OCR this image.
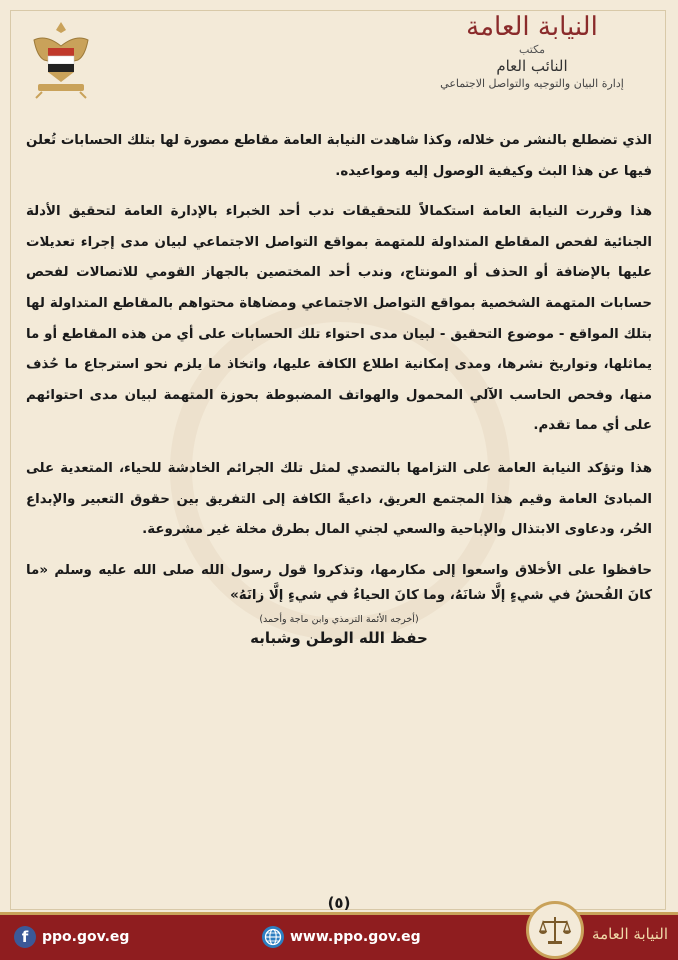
النيابة العامة

مكتب

النائب العام

إدارة البيان والتوجيه والتواصل الاجتماعي

الذي تضطلع بالنشر من خلاله، وكذا شاهدت النيابة العامة مقاطع مصورة لها بتلك الحسابات تُعلن فيها عن هذا البث وكيفية الوصول إليه ومواعيده.

هذا وقررت النيابة العامة استكمالاً للتحقيقات ندب أحد الخبراء بالإدارة العامة لتحقيق الأدلة الجنائية لفحص المقاطع المتداولة للمتهمة بمواقع التواصل الاجتماعي لبيان مدى إجراء تعديلات عليها بالإضافة أو الحذف أو المونتاج، وندب أحد المختصين بالجهاز القومي للاتصالات لفحص حسابات المتهمة الشخصية بمواقع التواصل الاجتماعي ومضاهاة محتواهم بالمقاطع المتداولة لها بتلك المواقع - موضوع التحقيق - لبيان مدى احتواء تلك الحسابات على أي من هذه المقاطع أو ما يماثلها، وتواريخ نشرها، ومدى إمكانية اطلاع الكافة عليها، واتخاذ ما يلزم نحو استرجاع ما حُذف منها، وفحص الحاسب الآلي المحمول والهواتف المضبوطة بحوزة المتهمة لبيان مدى احتوائهم على أي مما تقدم.

هذا وتؤكد النيابة العامة على التزامها بالتصدي لمثل تلك الجرائم الخادشة للحياء، المتعدية على المبادئ العامة وقيم هذا المجتمع العريق، داعيةً الكافة إلى التفريق بين حقوق التعبير والإبداع الحُر، ودعاوى الابتذال والإباحية والسعي لجني المال بطرق مخلة غير مشروعة.

حافظوا على الأخلاق واسعوا إلى مكارمها، وتذكروا قول رسول الله صلى الله عليه وسلم «ما كانَ الفُحشُ في شيءٍ إلَّا شانَهُ، وما كانَ الحياءُ في شيءٍ إلَّا زانَهُ»

(أخرجه الأئمة الترمذي وابن ماجة وأحمد)

حفظ الله الوطن وشبابه

(٥)
f ppo.gov.eg	www.ppo.gov.eg	النيابة العامة
